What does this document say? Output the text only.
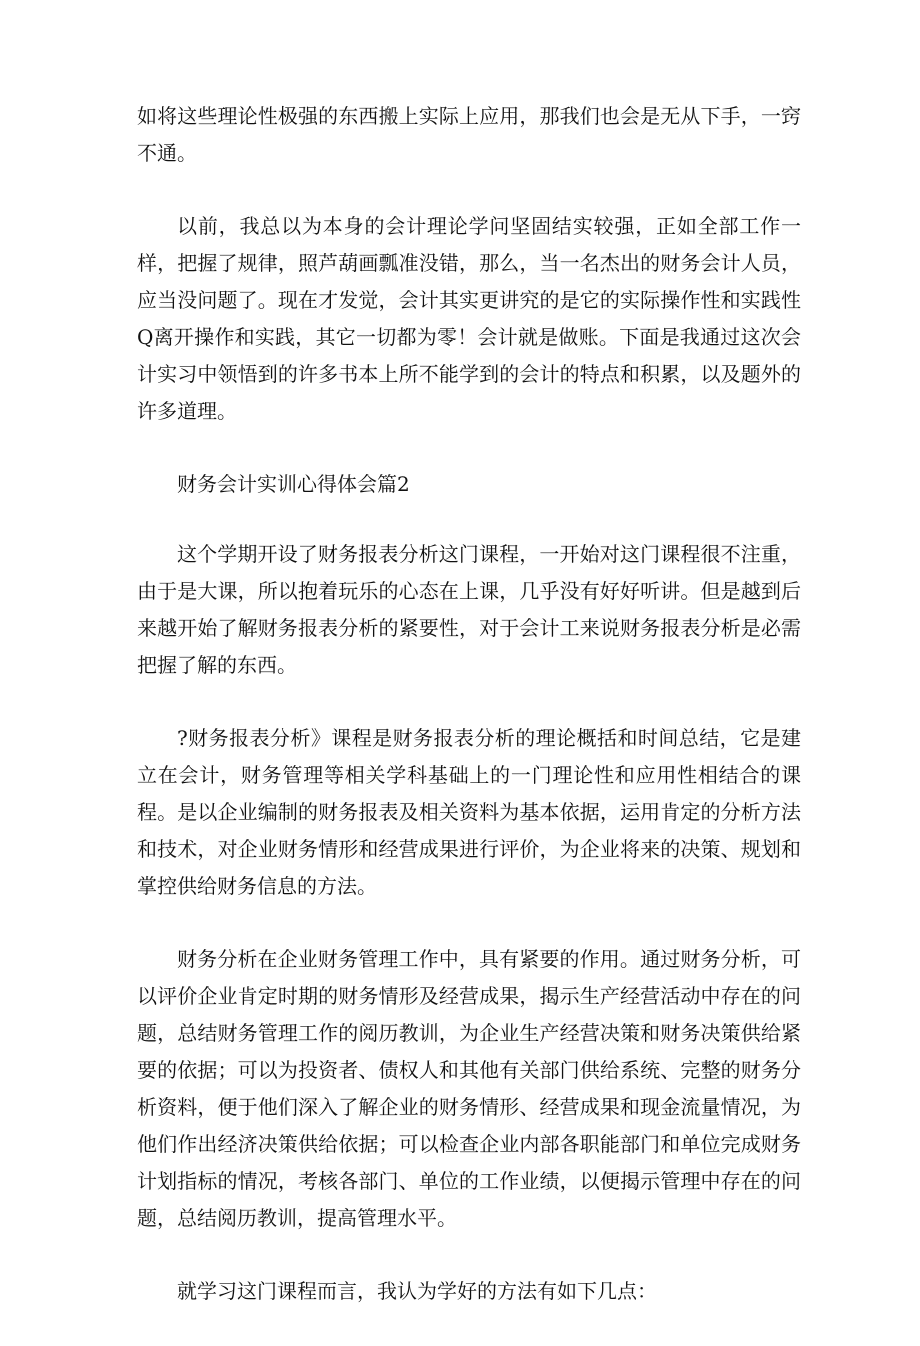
如将这些理论性极强的东西搬上实际上应用，那我们也会是无从下手，一窍不通。

以前，我总以为本身的会计理论学问坚固结实较强，正如全部工作一样，把握了规律，照芦葫画瓢准没错，那么，当一名杰出的财务会计人员，应当没问题了。现在才发觉，会计其实更讲究的是它的实际操作性和实践性Q离开操作和实践，其它一切都为零！会计就是做账。下面是我通过这次会计实习中领悟到的许多书本上所不能学到的会计的特点和积累，以及题外的许多道理。

财务会计实训心得体会篇2

这个学期开设了财务报表分析这门课程，一开始对这门课程很不注重，由于是大课，所以抱着玩乐的心态在上课，几乎没有好好听讲。但是越到后来越开始了解财务报表分析的紧要性，对于会计工来说财务报表分析是必需把握了解的东西。

?财务报表分析》课程是财务报表分析的理论概括和时间总结，它是建立在会计，财务管理等相关学科基础上的一门理论性和应用性相结合的课程。是以企业编制的财务报表及相关资料为基本依据，运用肯定的分析方法和技术，对企业财务情形和经营成果进行评价，为企业将来的决策、规划和掌控供给财务信息的方法。

财务分析在企业财务管理工作中，具有紧要的作用。通过财务分析，可以评价企业肯定时期的财务情形及经营成果，揭示生产经营活动中存在的问题，总结财务管理工作的阅历教训，为企业生产经营决策和财务决策供给紧要的依据；可以为投资者、债权人和其他有关部门供给系统、完整的财务分析资料，便于他们深入了解企业的财务情形、经营成果和现金流量情况，为他们作出经济决策供给依据；可以检查企业内部各职能部门和单位完成财务计划指标的情况，考核各部门、单位的工作业绩，以便揭示管理中存在的问题，总结阅历教训，提高管理水平。

就学习这门课程而言，我认为学好的方法有如下几点：
